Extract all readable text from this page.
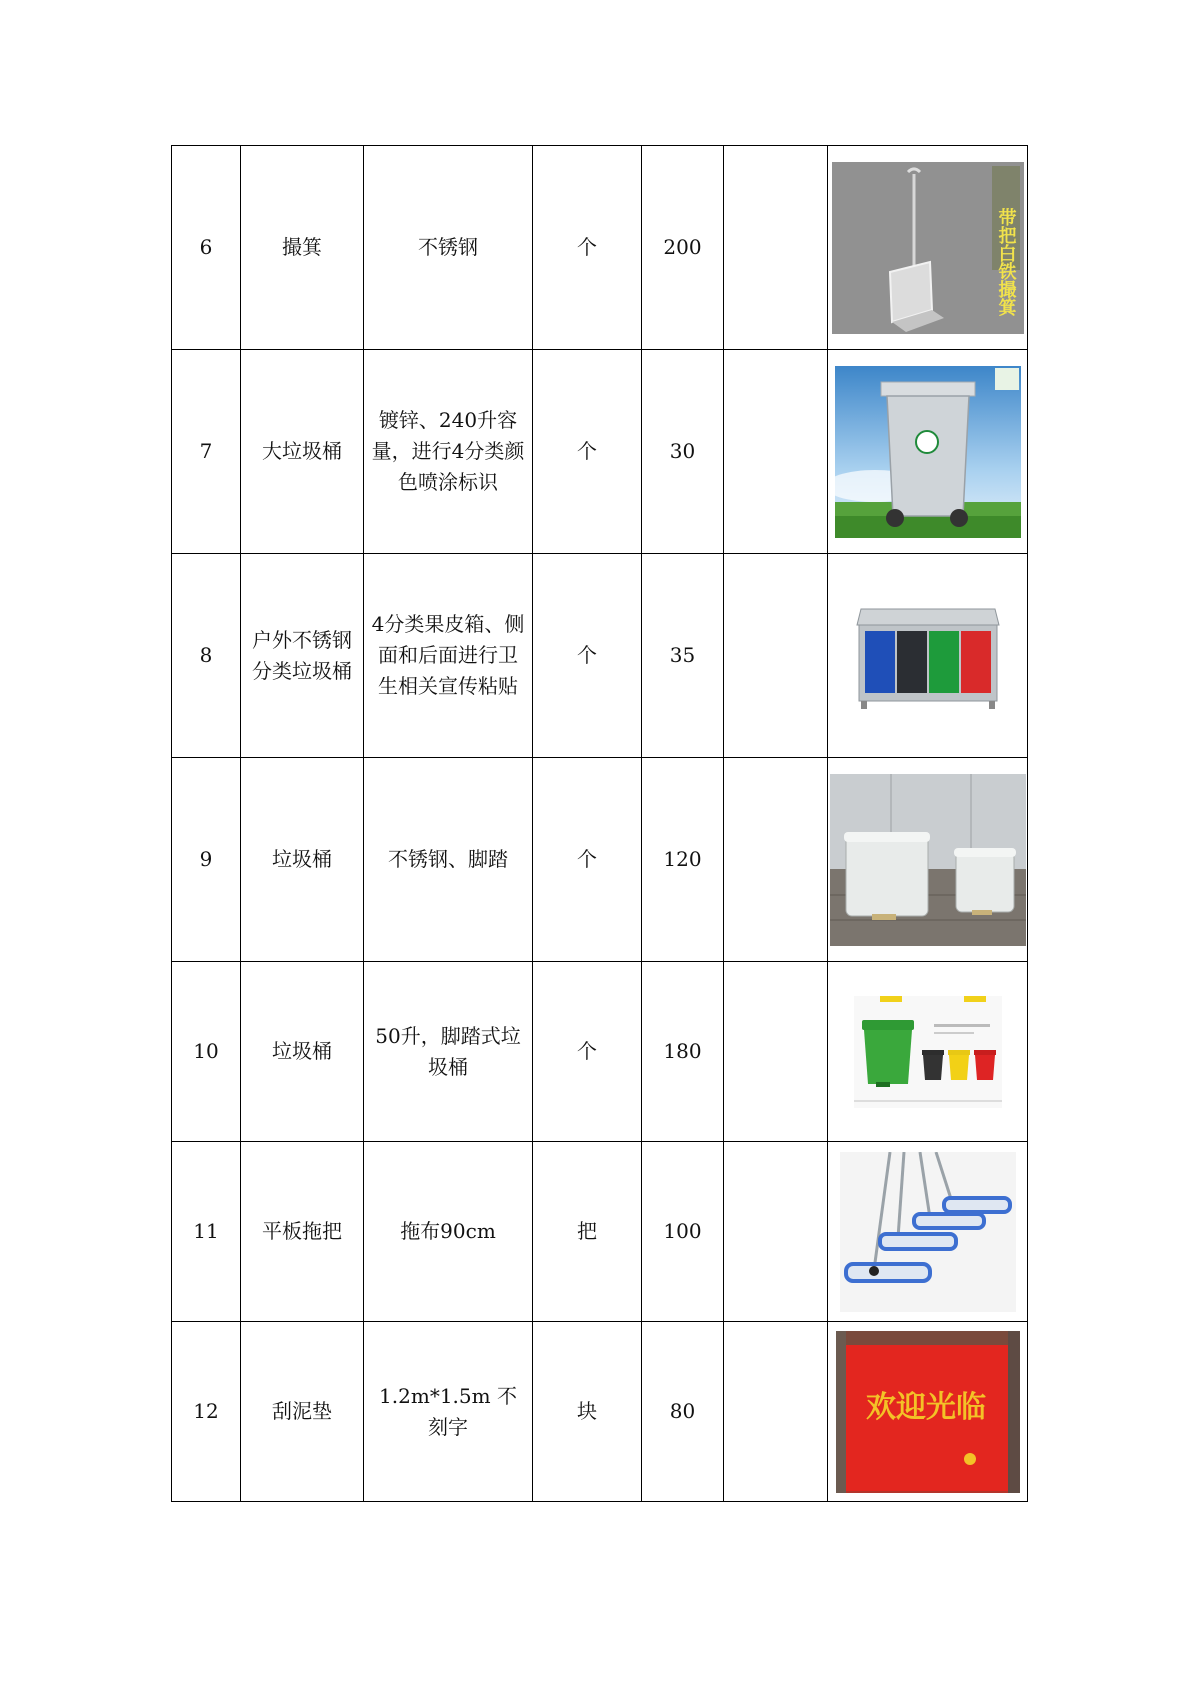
6	撮箕	不锈钢	个	200		带把白铁撮箕

7	大垃圾桶	镀锌、240升容量，进行4分类颜色喷涂标识	个	30		

8	户外不锈钢分类垃圾桶	4分类果皮箱、侧面和后面进行卫生相关宣传粘贴	个	35		

9	垃圾桶	不锈钢、脚踏	个	120		

10	垃圾桶	50升，脚踏式垃圾桶	个	180		

11	平板拖把	拖布90cm	把	100		

12	刮泥垫	1.2m*1.5m 不刻字	块	80		欢迎光临
